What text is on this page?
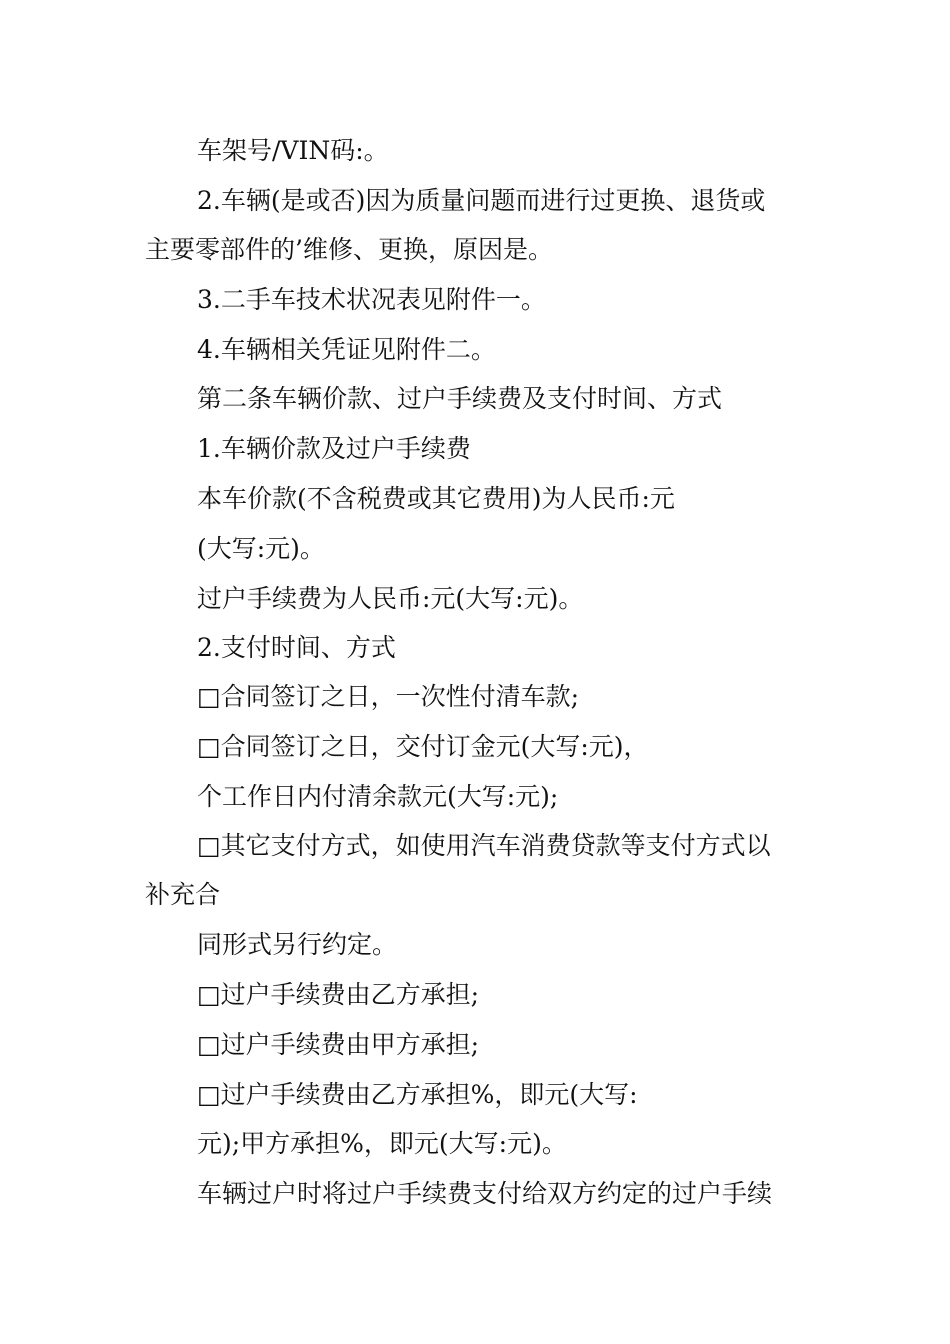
车架号/VIN码:。
2.车辆(是或否)因为质量问题而进行过更换、退货或
主要零部件的’维修、更换，原因是。
3.二手车技术状况表见附件一。
4.车辆相关凭证见附件二。
第二条车辆价款、过户手续费及支付时间、方式
1.车辆价款及过户手续费
本车价款(不含税费或其它费用)为人民币:元
(大写:元)。
过户手续费为人民币:元(大写:元)。
2.支付时间、方式
□合同签订之日，一次性付清车款;
□合同签订之日，交付订金元(大写:元)，
个工作日内付清余款元(大写:元);
□其它支付方式，如使用汽车消费贷款等支付方式以
补充合
同形式另行约定。
□过户手续费由乙方承担;
□过户手续费由甲方承担;
□过户手续费由乙方承担%，即元(大写:
元);甲方承担%，即元(大写:元)。
车辆过户时将过户手续费支付给双方约定的过户手续
